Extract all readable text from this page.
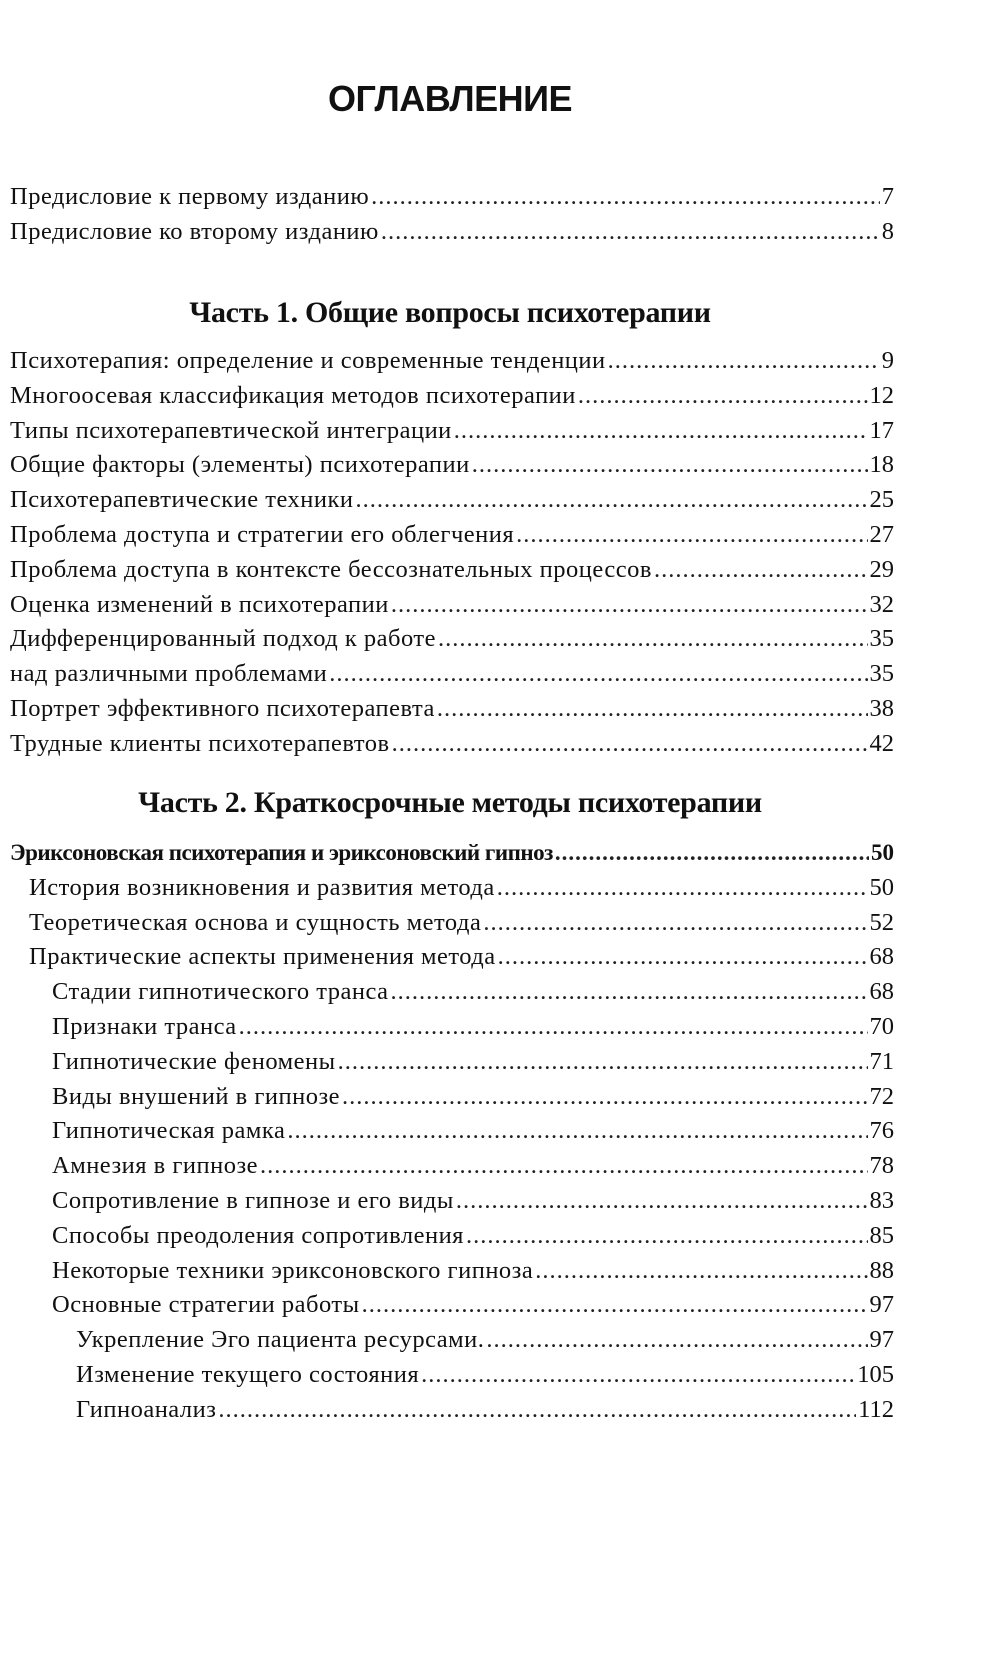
ОГЛАВЛЕНИЕ
Предисловие к первому изданию .....	7
Предисловие ко второму изданию .....	8
Часть 1. Общие вопросы психотерапии
Психотерапия: определение и современные тенденции .....	9
Многоосевая классификация методов психотерапии .....	12
Типы психотерапевтической интеграции .....	17
Общие факторы (элементы) психотерапии .....	18
Психотерапевтические техники .....	25
Проблема доступа и стратегии его облегчения .....	27
Проблема доступа в контексте бессознательных процессов .....	29
Оценка изменений в психотерапии .....	32
Дифференцированный подход к работе .....	35
над различными проблемами .....	35
Портрет эффективного психотерапевта .....	38
Трудные клиенты психотерапевтов .....	42
Часть 2. Краткосрочные методы психотерапии
Эриксоновская психотерапия и эриксоновский гипноз .....	50
История возникновения и развития метода .....	50
Теоретическая основа и сущность метода .....	52
Практические аспекты применения метода .....	68
Стадии гипнотического транса .....	68
Признаки транса .....	70
Гипнотические феномены .....	71
Виды внушений в гипнозе .....	72
Гипнотическая рамка .....	76
Амнезия в гипнозе .....	78
Сопротивление в гипнозе и его виды .....	83
Способы преодоления сопротивления .....	85
Некоторые техники эриксоновского гипноза .....	88
Основные стратегии работы .....	97
Укрепление Эго пациента ресурсами. .....	97
Изменение текущего состояния .....	105
Гипноанализ .....	112
